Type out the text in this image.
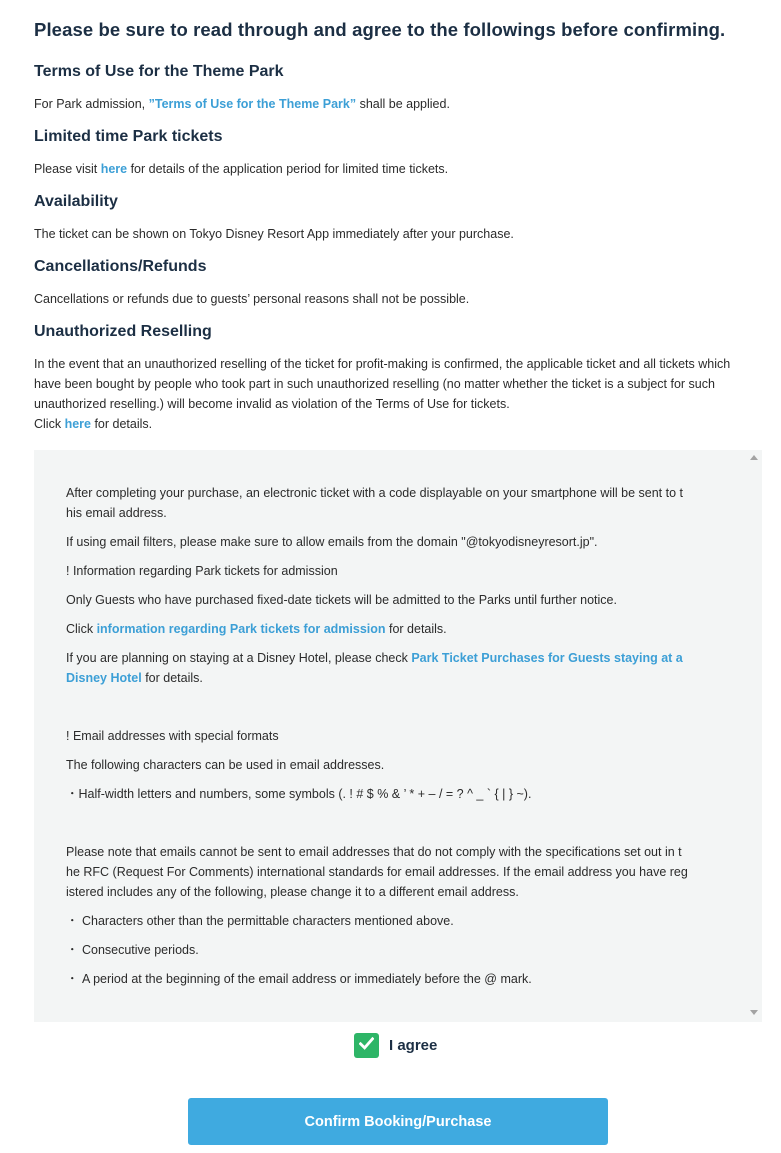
Please be sure to read through and agree to the followings before confirming.
Terms of Use for the Theme Park
For Park admission, ”Terms of Use for the Theme Park” shall be applied.
Limited time Park tickets
Please visit here for details of the application period for limited time tickets.
Availability
The ticket can be shown on Tokyo Disney Resort App immediately after your purchase.
Cancellations/Refunds
Cancellations or refunds due to guests’ personal reasons shall not be possible.
Unauthorized Reselling
In the event that an unauthorized reselling of the ticket for profit-making is confirmed, the applicable ticket and all tickets which
have been bought by people who took part in such unauthorized reselling (no matter whether the ticket is a subject for such
unauthorized reselling.) will become invalid as violation of the Terms of Use for tickets.
Click here for details.

After completing your purchase, an electronic ticket with a code displayable on your smartphone will be sent to t
his email address.

If using email filters, please make sure to allow emails from the domain "@tokyodisneyresort.jp".

! Information regarding Park tickets for admission

Only Guests who have purchased fixed-date tickets will be admitted to the Parks until further notice.

Click information regarding Park tickets for admission for details.

If you are planning on staying at a Disney Hotel, please check Park Ticket Purchases for Guests staying at a
Disney Hotel for details.

! Email addresses with special formats

The following characters can be used in email addresses.

・Half-width letters and numbers, some symbols (. ! # $ % & ’ * + – / = ? ^ _ ` { | } ~).

Please note that emails cannot be sent to email addresses that do not comply with the specifications set out in t
he RFC (Request For Comments) international standards for email addresses. If the email address you have reg
istered includes any of the following, please change it to a different email address.

・ Characters other than the permittable characters mentioned above.

・ Consecutive periods.

・ A period at the beginning of the email address or immediately before the @ mark.

I agree
Confirm Booking/Purchase
